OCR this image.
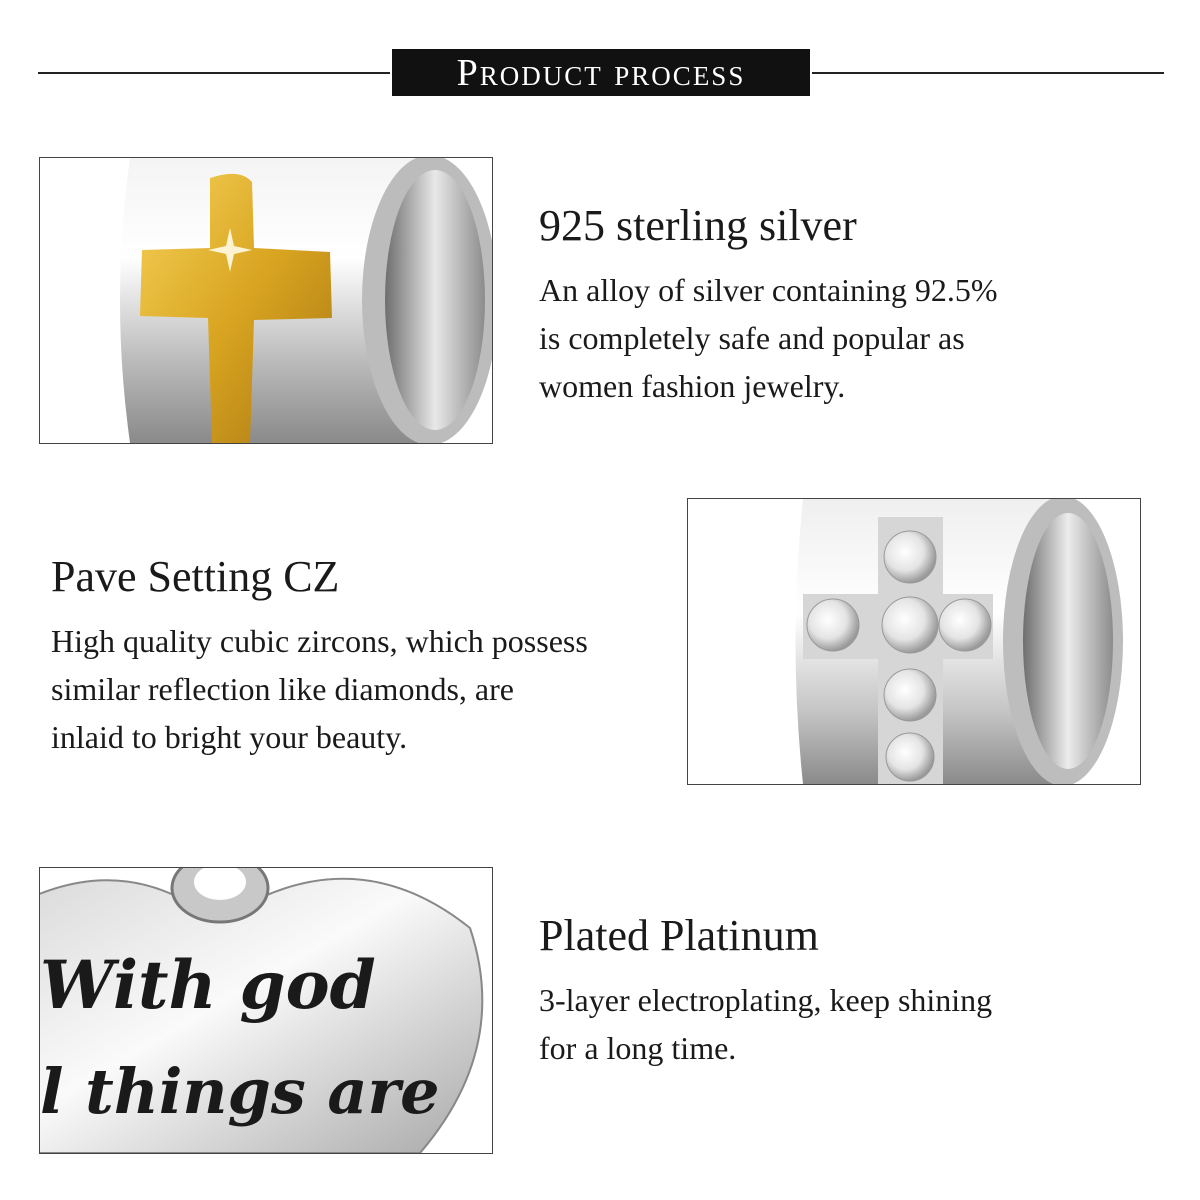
Product process
925 sterling silver

An alloy of silver containing 92.5%
is completely safe and popular as
women fashion jewelry.

Pave Setting CZ

High quality cubic zircons, which possess
similar reflection like diamonds, are
inlaid to bright your beauty.

With god
l things are
Plated Platinum

3-layer electroplating, keep shining
for a long time.
